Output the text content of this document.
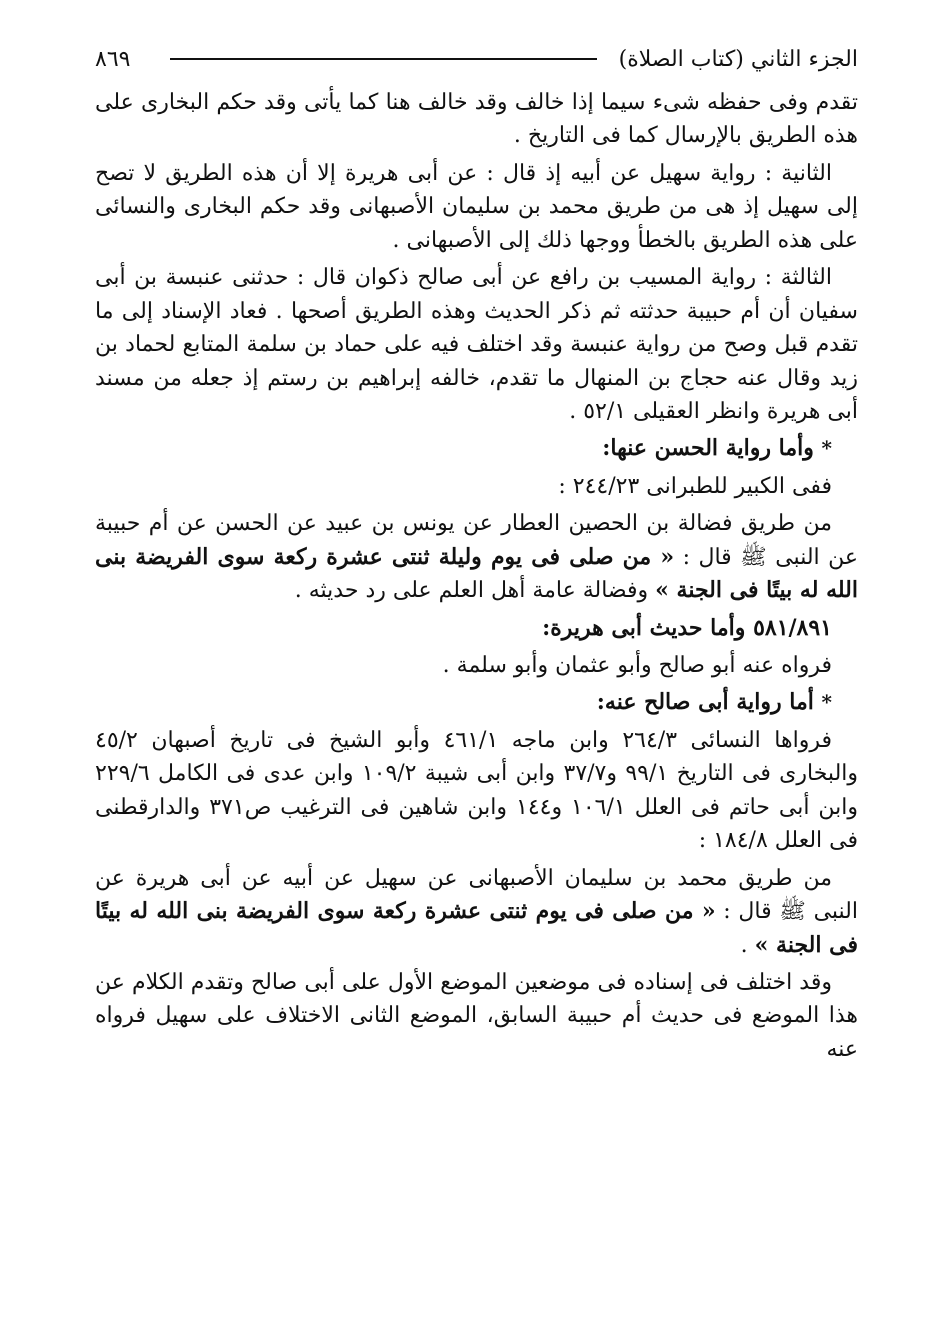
الجزء الثاني (كتاب الصلاة)
٨٦٩

تقدم وفى حفظه شىء سيما إذا خالف وقد خالف هنا كما يأتى وقد حكم البخارى على هذه الطريق بالإرسال كما فى التاريخ .

الثانية : رواية سهيل عن أبيه إذ قال : عن أبى هريرة إلا أن هذه الطريق لا تصح إلى سهيل إذ هى من طريق محمد بن سليمان الأصبهانى وقد حكم البخارى والنسائى على هذه الطريق بالخطأ ووجها ذلك إلى الأصبهانى .

الثالثة : رواية المسيب بن رافع عن أبى صالح ذكوان قال : حدثنى عنبسة بن أبى سفيان أن أم حبيبة حدثته ثم ذكر الحديث وهذه الطريق أصحها . فعاد الإسناد إلى ما تقدم قبل وصح من رواية عنبسة وقد اختلف فيه على حماد بن سلمة المتابع لحماد بن زيد وقال عنه حجاج بن المنهال ما تقدم، خالفه إبراهيم بن رستم إذ جعله من مسند أبى هريرة وانظر العقيلى ٥٢/١ .

* وأما رواية الحسن عنها:

ففى الكبير للطبرانى ٢٤٤/٢٣ :

من طريق فضالة بن الحصين العطار عن يونس بن عبيد عن الحسن عن أم حبيبة عن النبى ﷺ قال : « من صلى فى يوم وليلة ثنتى عشرة ركعة سوى الفريضة بنى الله له بيتًا فى الجنة » وفضالة عامة أهل العلم على رد حديثه .

٥٨١/٨٩١ وأما حديث أبى هريرة:

فرواه عنه أبو صالح وأبو عثمان وأبو سلمة .

* أما رواية أبى صالح عنه:

فرواها النسائى ٢٦٤/٣ وابن ماجه ٤٦١/١ وأبو الشيخ فى تاريخ أصبهان ٤٥/٢ والبخارى فى التاريخ ٩٩/١ و٣٧/٧ وابن أبى شيبة ١٠٩/٢ وابن عدى فى الكامل ٢٢٩/٦ وابن أبى حاتم فى العلل ١٠٦/١ و١٤٤ وابن شاهين فى الترغيب ص٣٧١ والدارقطنى فى العلل ١٨٤/٨ :

من طريق محمد بن سليمان الأصبهانى عن سهيل عن أبيه عن أبى هريرة عن النبى ﷺ قال : « من صلى فى يوم ثنتى عشرة ركعة سوى الفريضة بنى الله له بيتًا فى الجنة » .

وقد اختلف فى إسناده فى موضعين الموضع الأول على أبى صالح وتقدم الكلام عن هذا الموضع فى حديث أم حبيبة السابق، الموضع الثانى الاختلاف على سهيل فرواه عنه
